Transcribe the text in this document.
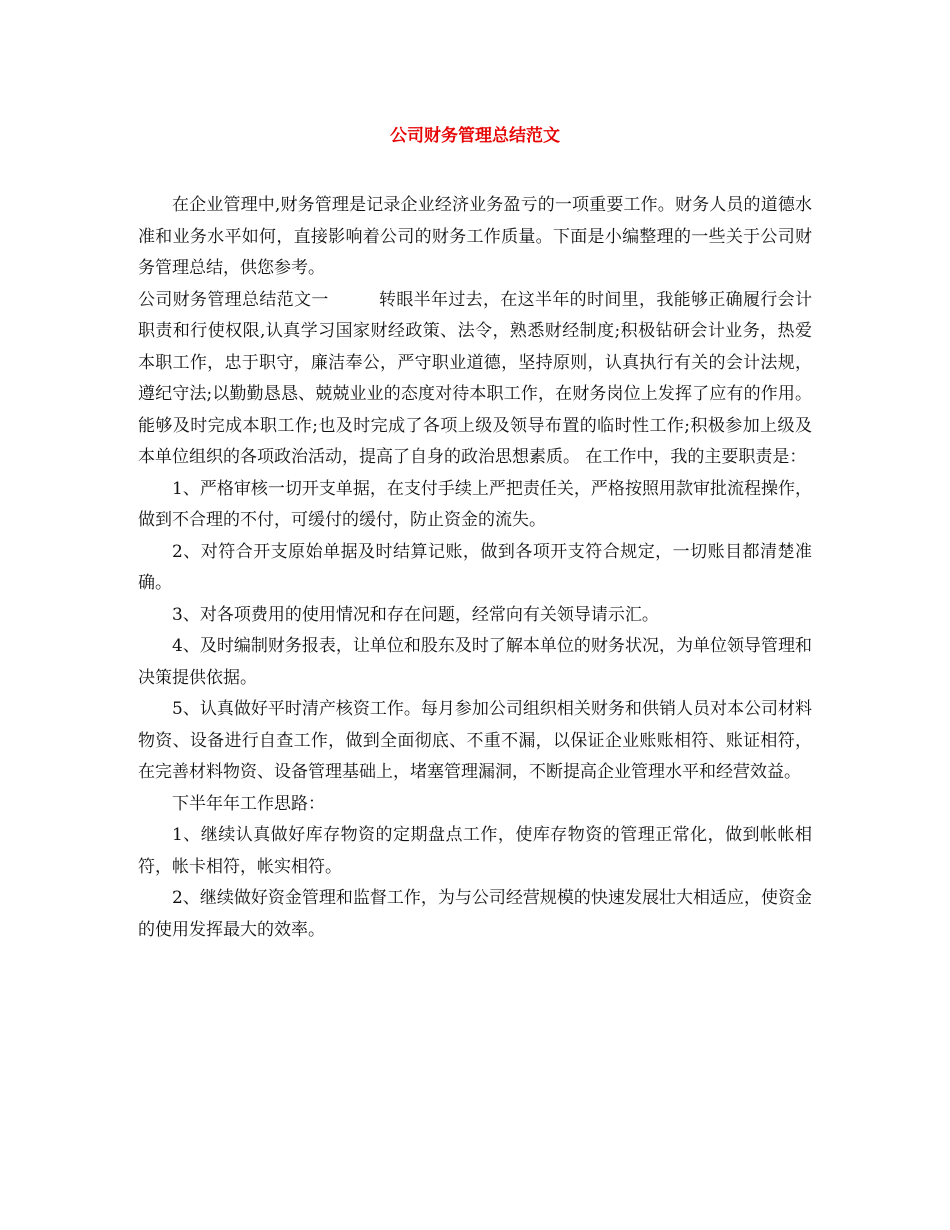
公司财务管理总结范文

在企业管理中,财务管理是记录企业经济业务盈亏的一项重要工作。财务人员的道德水准和业务水平如何，直接影响着公司的财务工作质量。下面是小编整理的一些关于公司财务管理总结，供您参考。

公司财务管理总结范文一	转眼半年过去，在这半年的时间里，我能够正确履行会计职责和行使权限,认真学习国家财经政策、法令，熟悉财经制度;积极钻研会计业务，热爱本职工作，忠于职守，廉洁奉公，严守职业道德，坚持原则，认真执行有关的会计法规，遵纪守法;以勤勤恳恳、兢兢业业的态度对待本职工作，在财务岗位上发挥了应有的作用。能够及时完成本职工作;也及时完成了各项上级及领导布置的临时性工作;积极参加上级及本单位组织的各项政治活动，提高了自身的政治思想素质。 在工作中，我的主要职责是：

1、严格审核一切开支单据，在支付手续上严把责任关，严格按照用款审批流程操作，做到不合理的不付，可缓付的缓付，防止资金的流失。

2、对符合开支原始单据及时结算记账，做到各项开支符合规定，一切账目都清楚准确。

3、对各项费用的使用情况和存在问题，经常向有关领导请示汇。

4、及时编制财务报表，让单位和股东及时了解本单位的财务状况，为单位领导管理和决策提供依据。

5、认真做好平时清产核资工作。每月参加公司组织相关财务和供销人员对本公司材料物资、设备进行自查工作，做到全面彻底、不重不漏，以保证企业账账相符、账证相符，在完善材料物资、设备管理基础上，堵塞管理漏洞，不断提高企业管理水平和经营效益。

下半年年工作思路：

1、继续认真做好库存物资的定期盘点工作，使库存物资的管理正常化，做到帐帐相符，帐卡相符，帐实相符。

2、继续做好资金管理和监督工作，为与公司经营规模的快速发展壮大相适应，使资金的使用发挥最大的效率。
